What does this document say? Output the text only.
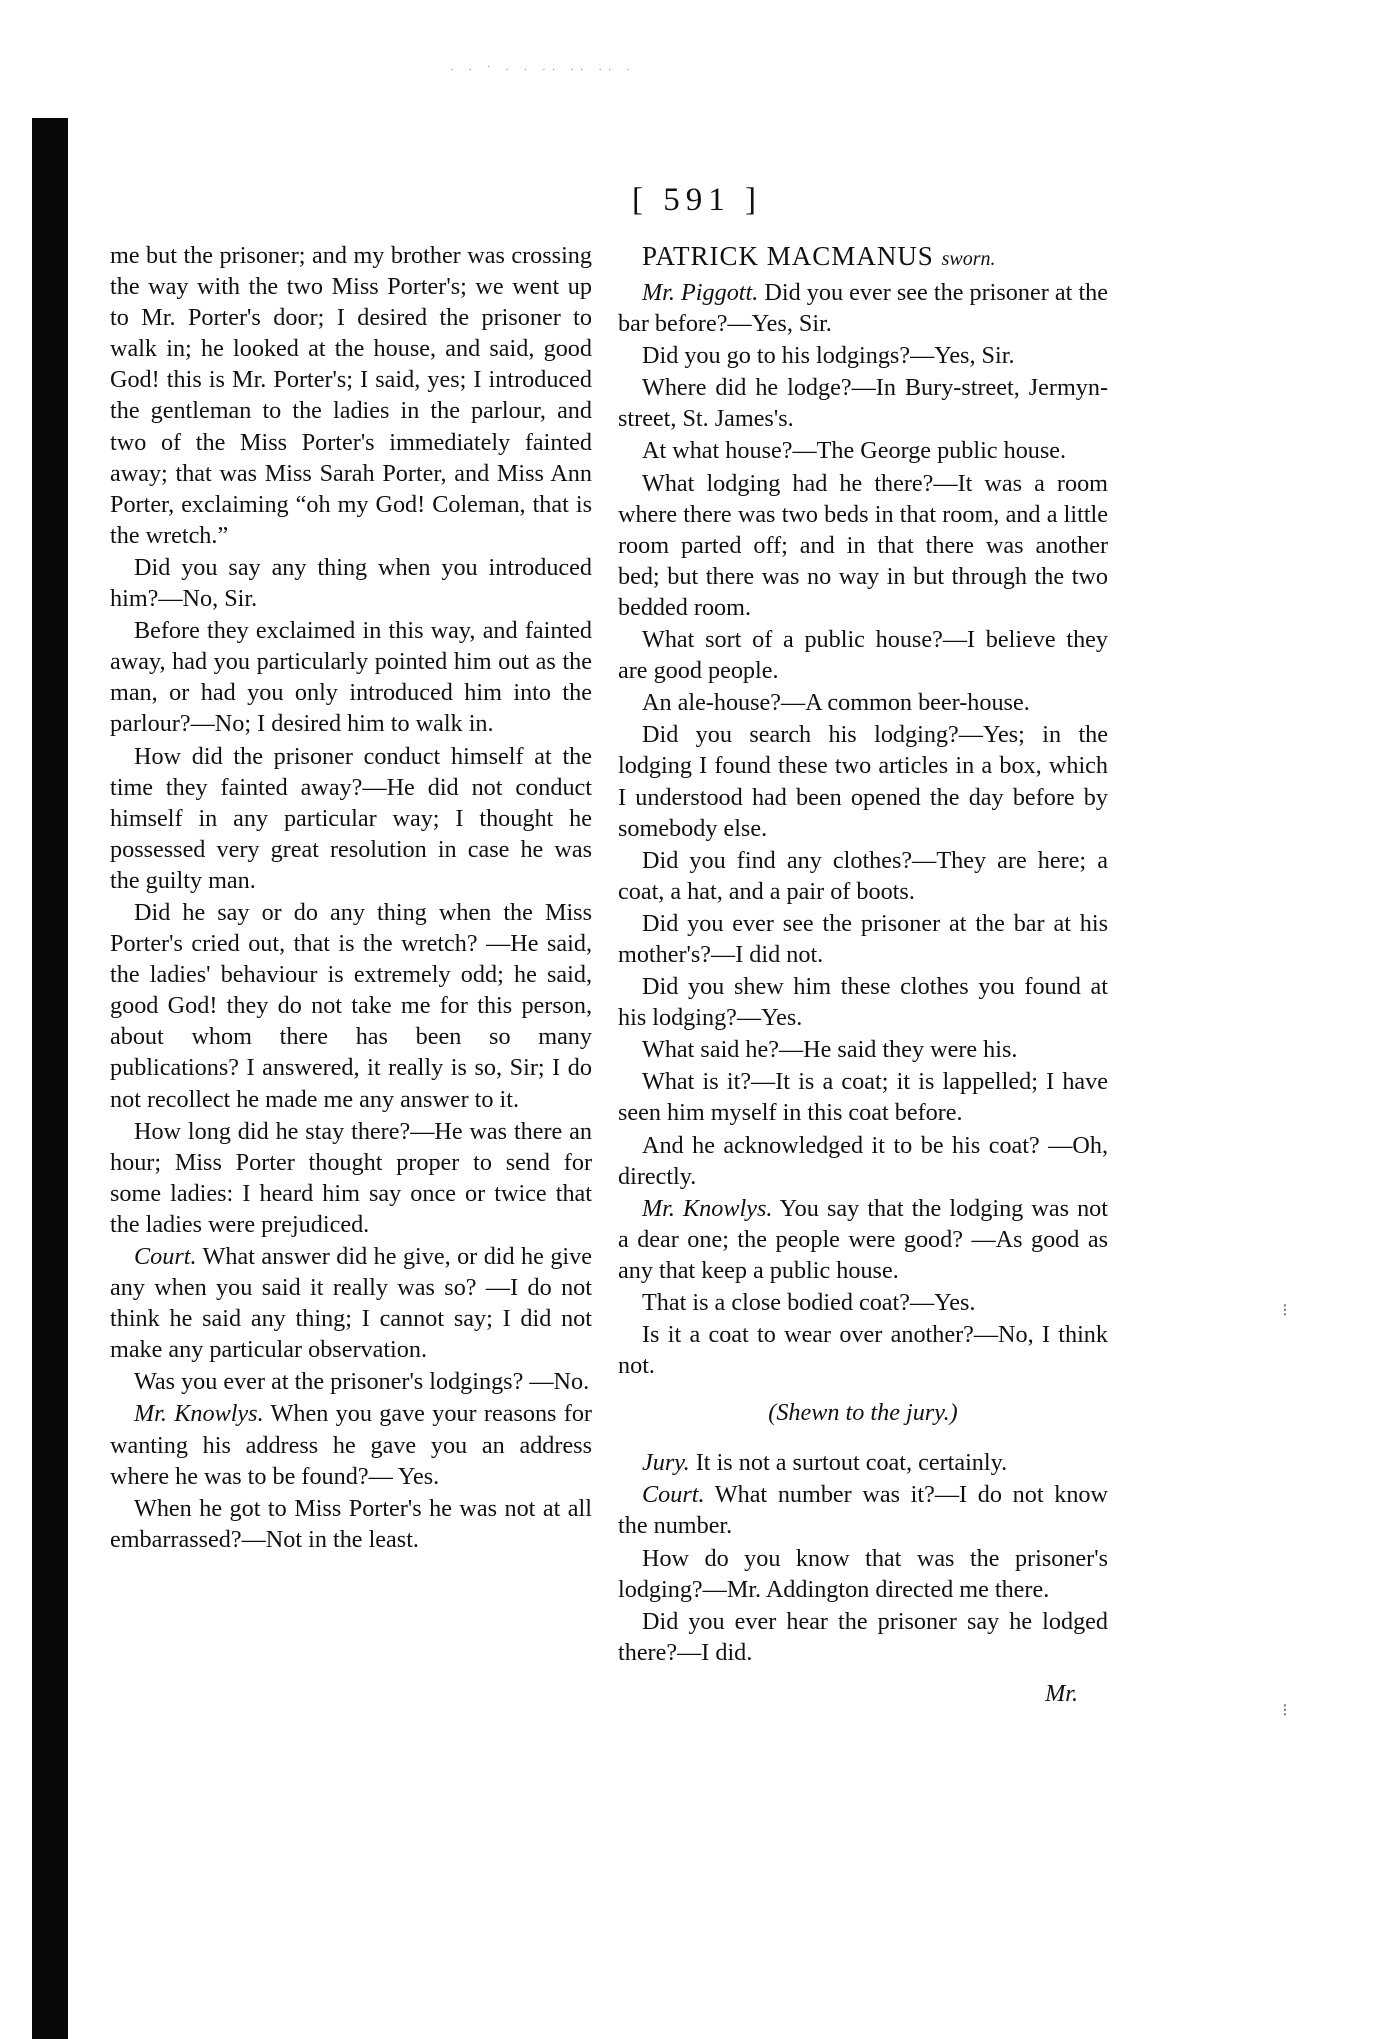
· · ˙ · · ·· ·· ·· ·
[ 591 ]

me but the prisoner; and my brother was crossing the way with the two Miss Porter's; we went up to Mr. Porter's door; I desired the prisoner to walk in; he looked at the house, and said, good God! this is Mr. Porter's; I said, yes; I introduced the gentleman to the ladies in the parlour, and two of the Miss Porter's immediately fainted away; that was Miss Sarah Porter, and Miss Ann Porter, exclaiming “oh my God! Coleman, that is the wretch.”

Did you say any thing when you introduced him?—No, Sir.

Before they exclaimed in this way, and fainted away, had you particularly pointed him out as the man, or had you only introduced him into the parlour?—No; I desired him to walk in.

How did the prisoner conduct himself at the time they fainted away?—He did not conduct himself in any particular way; I thought he possessed very great resolution in case he was the guilty man.

Did he say or do any thing when the Miss Porter's cried out, that is the wretch? —He said, the ladies' behaviour is extremely odd; he said, good God! they do not take me for this person, about whom there has been so many publications? I answered, it really is so, Sir; I do not recollect he made me any answer to it.

How long did he stay there?—He was there an hour; Miss Porter thought proper to send for some ladies: I heard him say once or twice that the ladies were prejudiced.

Court. What answer did he give, or did he give any when you said it really was so? —I do not think he said any thing; I cannot say; I did not make any particular observation.

Was you ever at the prisoner's lodgings? —No.

Mr. Knowlys. When you gave your reasons for wanting his address he gave you an address where he was to be found?— Yes.

When he got to Miss Porter's he was not at all embarrassed?—Not in the least.

PATRICK MACMANUS sworn.

Mr. Piggott. Did you ever see the prisoner at the bar before?—Yes, Sir.

Did you go to his lodgings?—Yes, Sir.

Where did he lodge?—In Bury-street, Jermyn-street, St. James's.

At what house?—The George public house.

What lodging had he there?—It was a room where there was two beds in that room, and a little room parted off; and in that there was another bed; but there was no way in but through the two bedded room.

What sort of a public house?—I believe they are good people.

An ale-house?—A common beer-house.

Did you search his lodging?—Yes; in the lodging I found these two articles in a box, which I understood had been opened the day before by somebody else.

Did you find any clothes?—They are here; a coat, a hat, and a pair of boots.

Did you ever see the prisoner at the bar at his mother's?—I did not.

Did you shew him these clothes you found at his lodging?—Yes.

What said he?—He said they were his.

What is it?—It is a coat; it is lappelled; I have seen him myself in this coat before.

And he acknowledged it to be his coat? —Oh, directly.

Mr. Knowlys. You say that the lodging was not a dear one; the people were good? —As good as any that keep a public house.

That is a close bodied coat?—Yes.

Is it a coat to wear over another?—No, I think not.

(Shewn to the jury.)

Jury. It is not a surtout coat, certainly.

Court. What number was it?—I do not know the number.

How do you know that was the prisoner's lodging?—Mr. Addington directed me there.

Did you ever hear the prisoner say he lodged there?—I did.

Mr.
⁝
⁝
